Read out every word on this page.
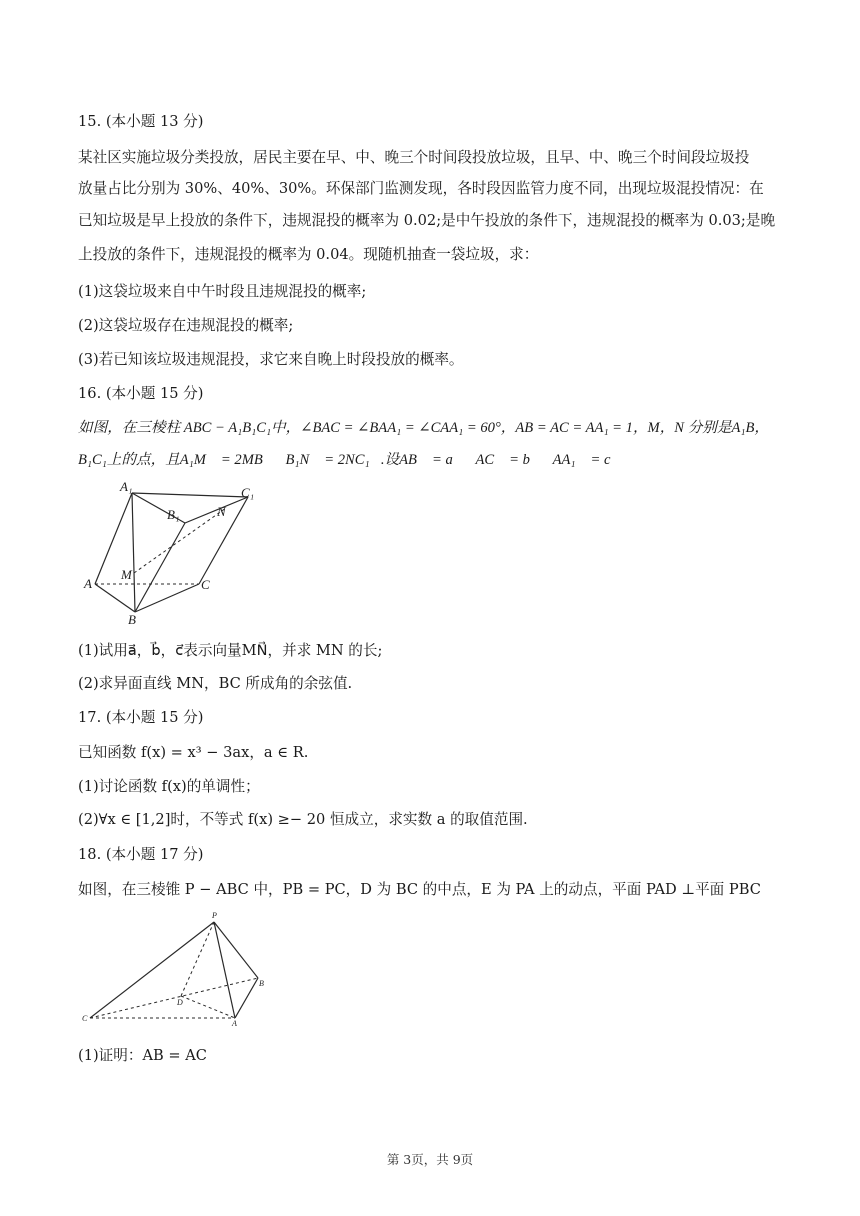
15. (本小题 13 分)
某社区实施垃圾分类投放，居民主要在早、中、晚三个时间段投放垃圾，且早、中、晚三个时间段垃圾投
放量占比分别为 30%、40%、30%。环保部门监测发现，各时段因监管力度不同，出现垃圾混投情况：在
已知垃圾是早上投放的条件下，违规混投的概率为 0.02;是中午投放的条件下，违规混投的概率为 0.03;是晚
上投放的条件下，违规混投的概率为 0.04。现随机抽查一袋垃圾，求：
(1)这袋垃圾来自中午时段且违规混投的概率;
(2)这袋垃圾存在违规混投的概率;
(3)若已知该垃圾违规混投，求它来自晚上时段投放的概率。
16. (本小题 15 分)
如图，在三棱柱 ABC − A₁B₁C₁中，∠BAC = ∠BAA₁ = ∠CAA₁ = 60°，AB = AC = AA₁ = 1，M，N 分别是A₁B，
B₁C₁上的点，且A₁M⃗ = 2MB⃗，B₁N⃗ = 2NC₁⃗.设AB⃗ = a⃗，AC⃗ = b⃗，AA₁⃗ = c⃗，
A₁	C₁
B₁	N
M
A	C
B
(1)试用a⃗，b⃗，c⃗表示向量MN⃗，并求 MN 的长;
(2)求异面直线 MN，BC 所成角的余弦值.
17. (本小题 15 分)
已知函数 f(x) = x³ − 3ax，a ∈ R.
(1)讨论函数 f(x)的单调性；
(2)∀x ∈ [1,2]时，不等式 f(x) ≥− 20 恒成立，求实数 a 的取值范围.
18. (本小题 17 分)
如图，在三棱锥 P − ABC 中，PB = PC，D 为 BC 的中点，E 为 PA 上的动点，平面 PAD ⊥平面 PBC
P
B
D
C
A
(1)证明：AB = AC
第 3页，共 9页
